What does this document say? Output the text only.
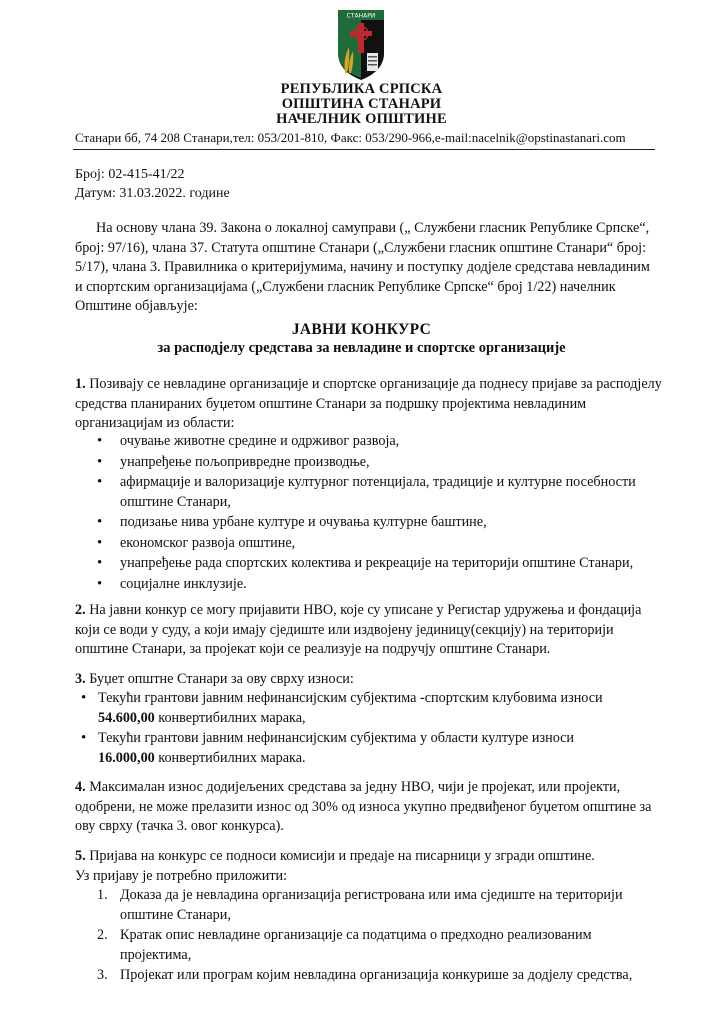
СТАНАРИ
РЕПУБЛИКА СРПСКА
ОПШТИНА СТАНАРИ
НАЧЕЛНИК ОПШТИНЕ
Станари бб, 74 208 Станари,тел: 053/201-810, Факс: 053/290-966,e-mail:nacelnik@opstinastanari.com
Број: 02-415-41/22
Датум: 31.03.2022. године

На основу члана 39. Закона о локалној самуправи („ Службени гласник Републике Српске“, број: 97/16), члана 37. Статута општине Станари („Службени гласник општине Станари“ број: 5/17), члана 3. Правилника о критеријумима, начину и поступку додјеле средстава невладиним и спортским организацијама („Службени гласник Републике Српске“ број 1/22) начелник Општине објављује:

ЈАВНИ КОНКУРС
за расподјелу средстава за невладине и спортске организације

1. Позивају се невладине организације и спортске организације да поднесу пријаве за расподјелу средства планираних буџетом општине Станари за подршку пројектима невладиним организацијам из области:

• очување животне средине и одрживог развоја,
• унапређење пољопривредне производње,
• афирмације и валоризације културног потенцијала, традиције и културне посебности општине Станари,
• подизање нива урбане културе и очувања културне баштине,
• економског развоја општине,
• унапређење рада спортских колектива и рекреације на територији општине Станари,
• социјалне инклузије.

2. На јавни конкур се могу пријавити НВО, које су уписане у Регистар удружења и фондација који се води у суду, а који имају сједиште или издвојену јединицу(секцију) на територији општине Станари, за пројекат који се реализује на подручју општине Станари.

3. Буџет општне Станари за ову сврху износи:

• Текући грантови јавним нефинансијским субјектима -спортским клубовима износи
54.600,00 конвертибилних марака,
• Текући грантови јавним нефинансијским субјектима у области културе износи
16.000,00 конвертибилних марака.

4. Максималан износ додијељених средстава за једну НВО, чији је пројекат, или пројекти, одобрени, не може прелазити износ од 30% од износа укупно предвиђеног буџетом општине за ову сврху (тачка 3. овог конкурса).

5. Пријава на конкурс се подноси комисији и предаје на писарници у згради општине.
Уз пријаву је потребно приложити:

1. Доказа да је невладина организација регистрована или има сједиште на територији општине Станари,
2. Кратак опис невладине организације са податцима о предходно реализованим пројектима,
3. Пројекат или програм којим невладина организација конкурише за додјелу средства,
